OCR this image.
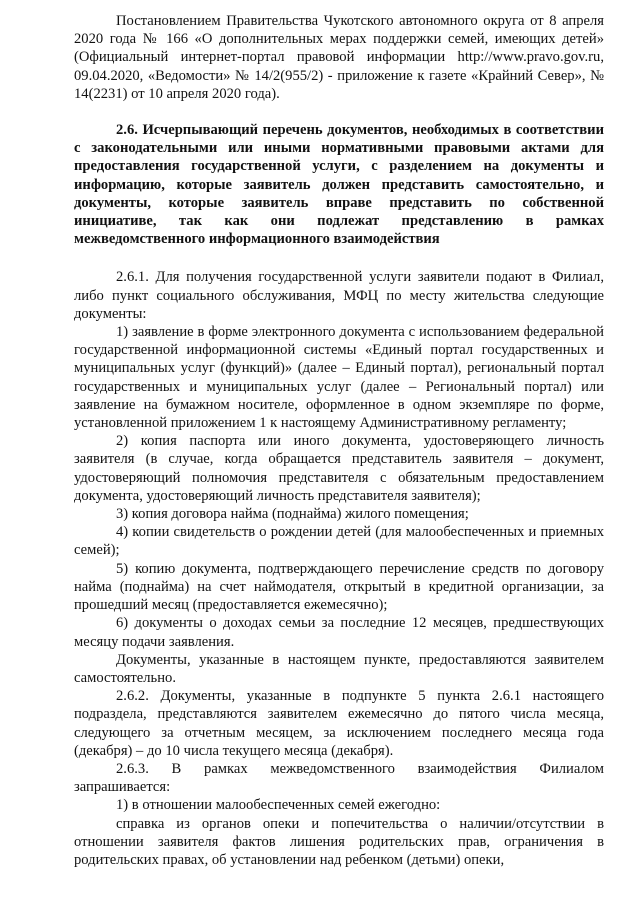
Постановлением Правительства Чукотского автономного округа от 8 апреля 2020 года № 166 «О дополнительных мерах поддержки семей, имеющих детей» (Официальный интернет-портал правовой информации http://www.pravo.gov.ru, 09.04.2020, «Ведомости» № 14/2(955/2) - приложение к газете «Крайний Север», № 14(2231) от 10 апреля 2020 года).

2.6. Исчерпывающий перечень документов, необходимых в соответствии с законодательными или иными нормативными правовыми актами для предоставления государственной услуги, с разделением на документы и информацию, которые заявитель должен представить самостоятельно, и документы, которые заявитель вправе представить по собственной инициативе, так как они подлежат представлению в рамках межведомственного информационного взаимодействия

2.6.1. Для получения государственной услуги заявители подают в Филиал, либо пункт социального обслуживания, МФЦ по месту жительства следующие документы:

1) заявление в форме электронного документа с использованием федеральной государственной информационной системы «Единый портал государственных и муниципальных услуг (функций)» (далее – Единый портал), региональный портал государственных и муниципальных услуг (далее – Региональный портал) или заявление на бумажном носителе, оформленное в одном экземпляре по форме, установленной приложением 1 к настоящему Административному регламенту;

2) копия паспорта или иного документа, удостоверяющего личность заявителя (в случае, когда обращается представитель заявителя – документ, удостоверяющий полномочия представителя с обязательным предоставлением документа, удостоверяющий личность представителя заявителя);

3) копия договора найма (поднайма) жилого помещения;

4) копии свидетельств о рождении детей (для малообеспеченных и приемных семей);

5) копию документа, подтверждающего перечисление средств по договору найма (поднайма) на счет наймодателя, открытый в кредитной организации, за прошедший месяц (предоставляется ежемесячно);

6) документы о доходах семьи за последние 12 месяцев, предшествующих месяцу подачи заявления.

Документы, указанные в настоящем пункте, предоставляются заявителем самостоятельно.

2.6.2. Документы, указанные в подпункте 5 пункта 2.6.1 настоящего подраздела, представляются заявителем ежемесячно до пятого числа месяца, следующего за отчетным месяцем, за исключением последнего месяца года (декабря) – до 10 числа текущего месяца (декабря).

2.6.3. В рамках межведомственного взаимодействия Филиалом запрашивается:

1) в отношении малообеспеченных семей ежегодно:

справка из органов опеки и попечительства о наличии/отсутствии в отношении заявителя фактов лишения родительских прав, ограничения в родительских правах, об установлении над ребенком (детьми) опеки,
